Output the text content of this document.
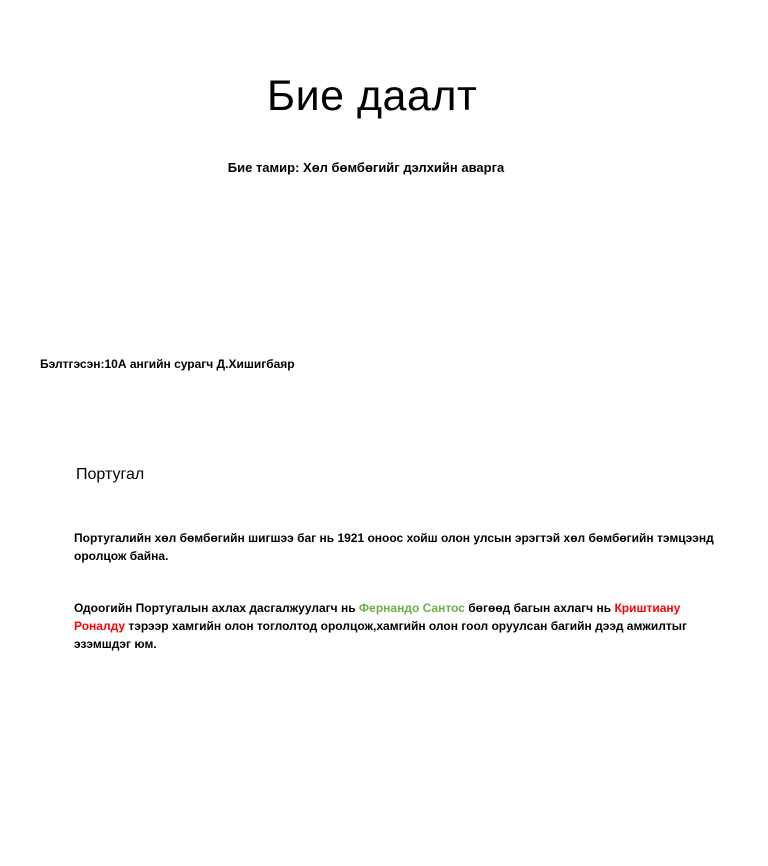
Бие даалт
Бие тамир: Хөл бөмбөгийг дэлхийн аварга
Бэлтгэсэн:10А ангийн сурагч Д.Хишигбаяр
Португал
Португалийн хөл бөмбөгийн шигшээ баг нь 1921 оноос хойш олон улсын эрэгтэй хөл бөмбөгийн тэмцээнд оролцож байна.
Одоогийн Португалын ахлах дасгалжуулагч нь Фернандо Сантос бөгөөд багын ахлагч нь Криштиану Роналду тэрээр хамгийн олон тоглолтод оролцож,хамгийн олон гоол оруулсан багийн дээд амжилтыг эзэмшдэг юм.
